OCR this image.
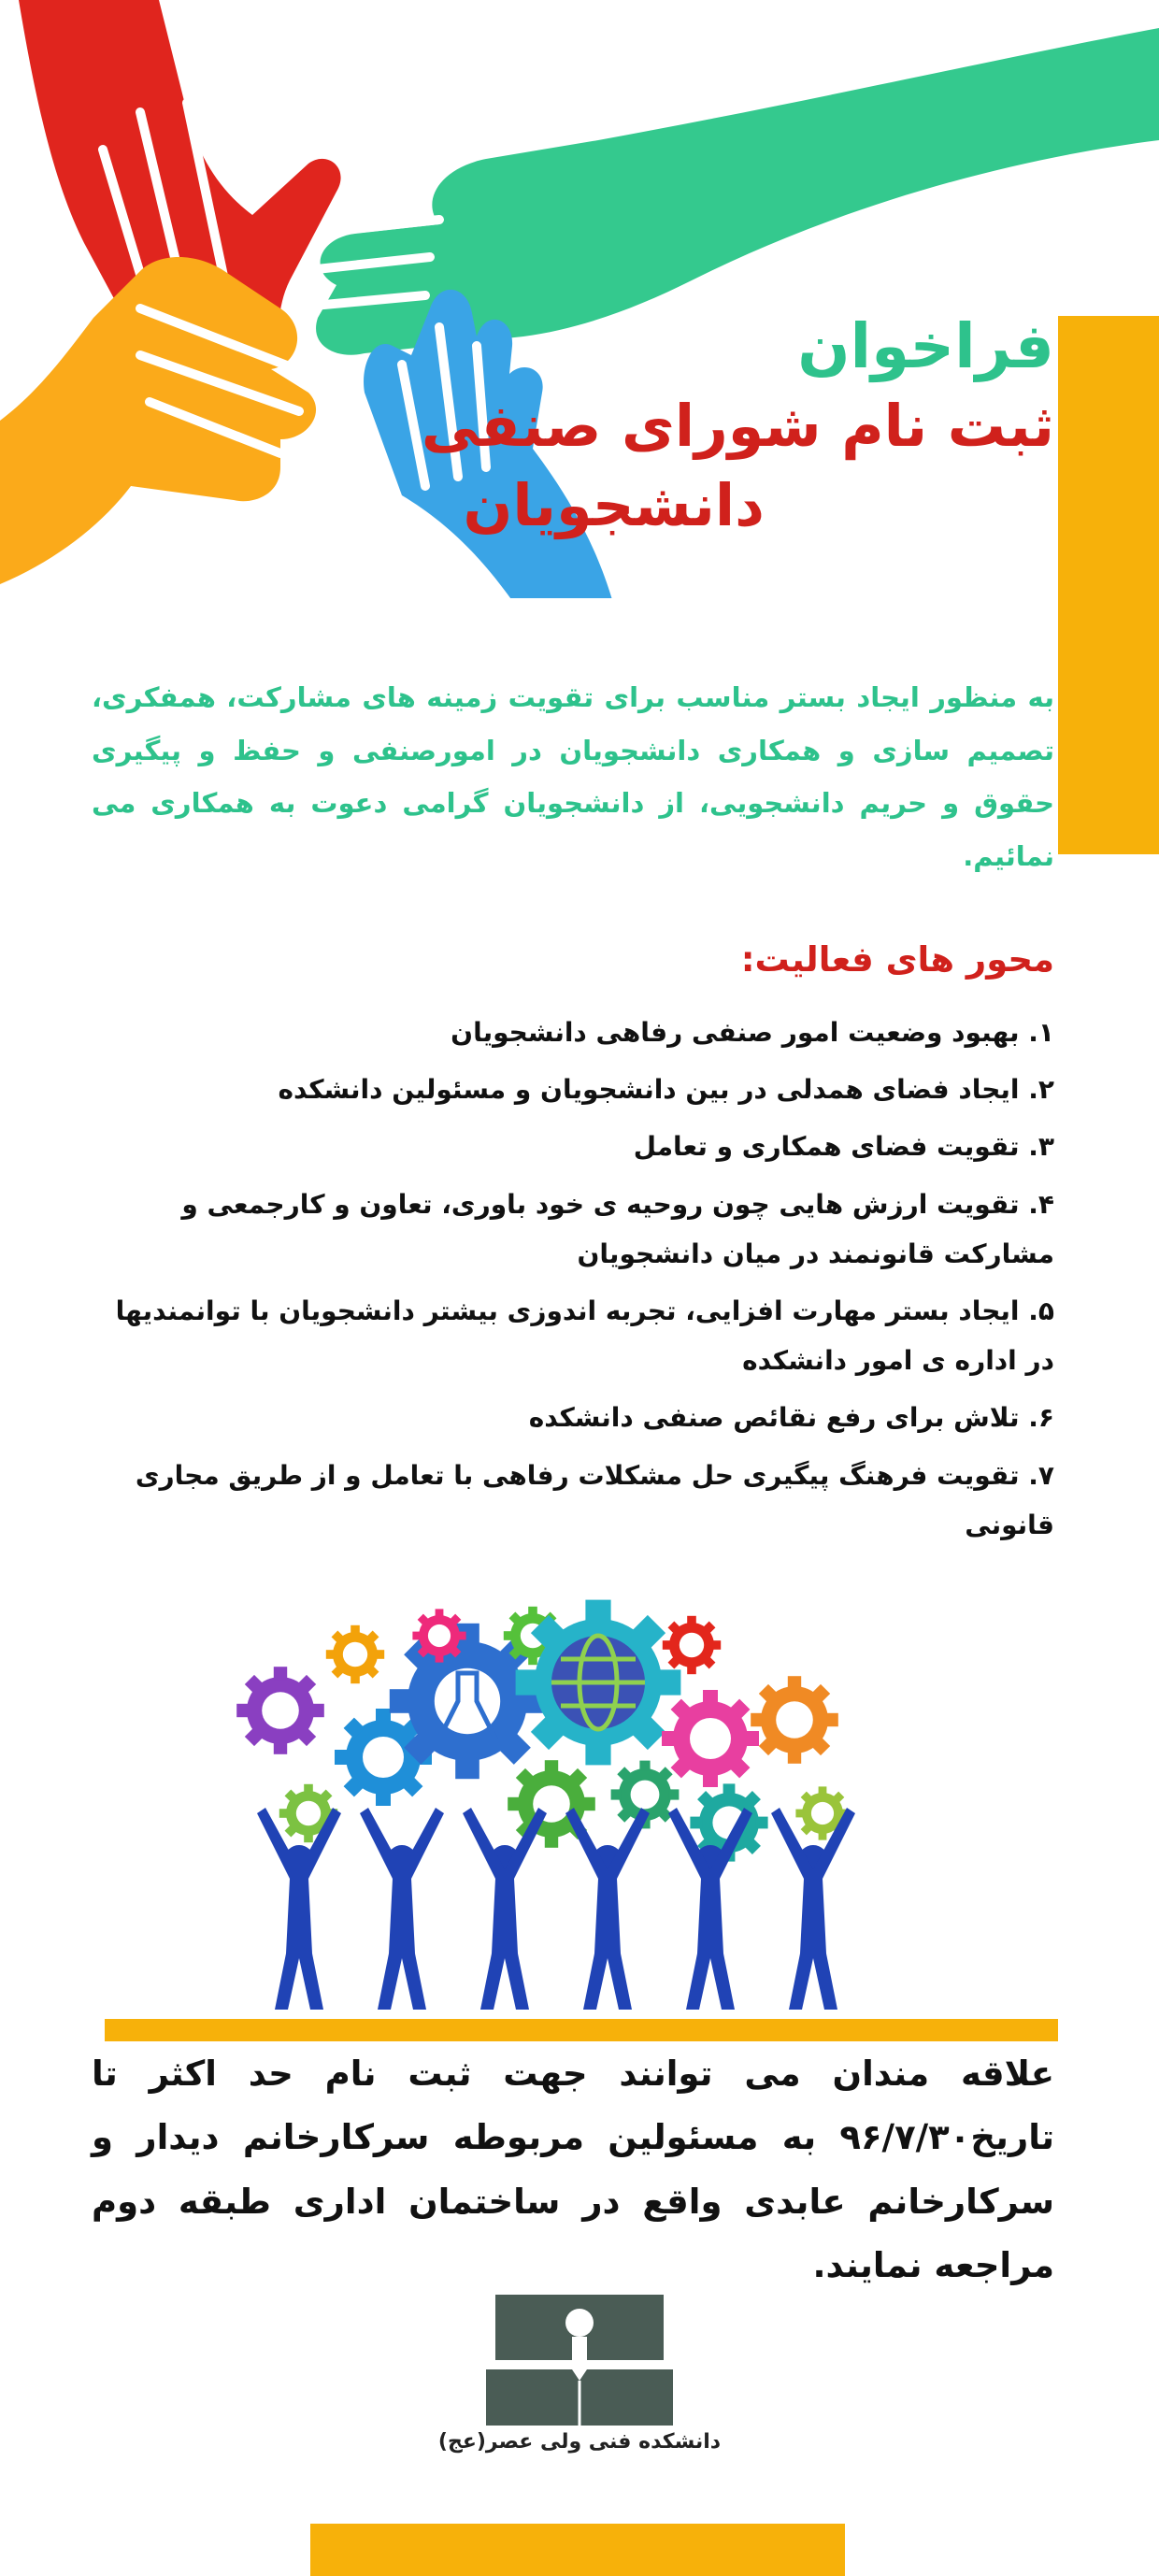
فراخوان
ثبت نام شورای صنفی
دانشجویان
به منظور ایجاد بستر مناسب برای تقویت زمینه های مشارکت، همفکری، تصمیم سازی و همکاری دانشجویان در امورصنفی و حفظ و پیگیری حقوق و حریم دانشجویی، از دانشجویان گرامی دعوت به همکاری می نمائیم.
محور های فعالیت:
۱. بهبود وضعیت امور صنفی رفاهی دانشجویان
۲. ایجاد فضای همدلی در بین دانشجویان و مسئولین دانشکده
۳. تقویت فضای همکاری و تعامل
۴. تقویت ارزش هایی چون روحیه ی خود باوری، تعاون و کارجمعی و مشارکت قانونمند در میان دانشجویان
۵. ایجاد بستر مهارت افزایی، تجربه اندوزی بیشتر دانشجویان با توانمندیها در اداره ی امور دانشکده
۶. تلاش برای رفع نقائص صنفی دانشکده
۷. تقویت فرهنگ پیگیری حل مشکلات رفاهی با تعامل و از طریق مجاری قانونی
علاقه مندان می توانند جهت ثبت نام حد اکثر تا تاریخ۹۶/۷/۳۰ به مسئولین مربوطه سرکارخانم دیدار و سرکارخانم عابدی واقع در ساختمان اداری طبقه دوم مراجعه نمایند.
دانشکده فنی ولی عصر(عج)
